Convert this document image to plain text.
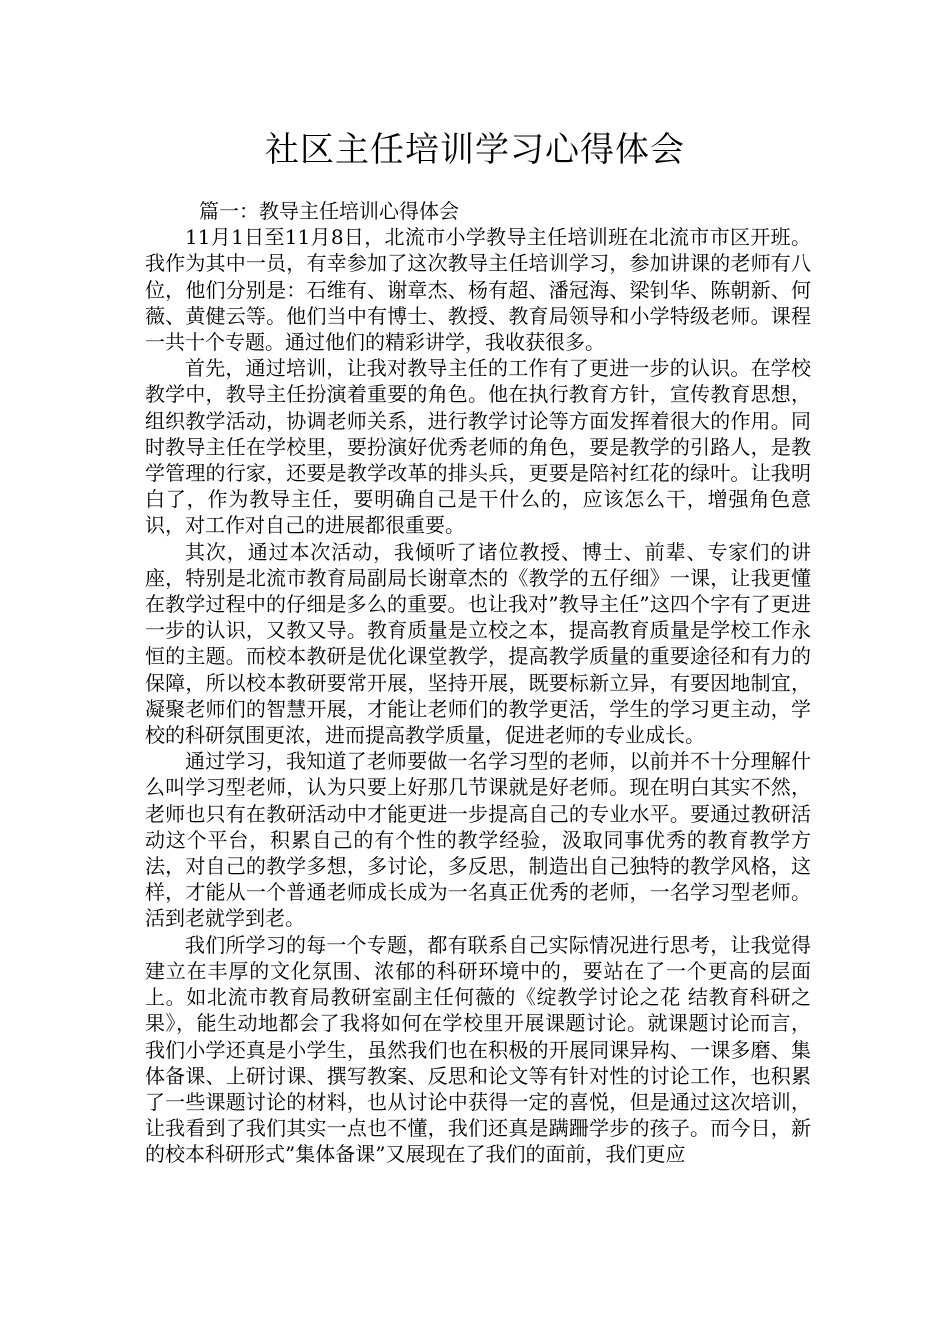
社区主任培训学习心得体会

篇一：教导主任培训心得体会

11月1日至11月8日，北流市小学教导主任培训班在北流市市区开班。我作为其中一员，有幸参加了这次教导主任培训学习，参加讲课的老师有八位，他们分别是：石维有、谢章杰、杨有超、潘冠海、梁钊华、陈朝新、何薇、黄健云等。他们当中有博士、教授、教育局领导和小学特级老师。课程一共十个专题。通过他们的精彩讲学，我收获很多。

首先，通过培训，让我对教导主任的工作有了更进一步的认识。在学校教学中，教导主任扮演着重要的角色。他在执行教育方针，宣传教育思想，组织教学活动，协调老师关系，进行教学讨论等方面发挥着很大的作用。同时教导主任在学校里，要扮演好优秀老师的角色，要是教学的引路人，是教学管理的行家，还要是教学改革的排头兵，更要是陪衬红花的绿叶。让我明白了，作为教导主任，要明确自己是干什么的，应该怎么干，增强角色意识，对工作对自己的进展都很重要。

其次，通过本次活动，我倾听了诸位教授、博士、前辈、专家们的讲座，特别是北流市教育局副局长谢章杰的《教学的五仔细》一课，让我更懂在教学过程中的仔细是多么的重要。也让我对”教导主任”这四个字有了更进一步的认识，又教又导。教育质量是立校之本，提高教育质量是学校工作永恒的主题。而校本教研是优化课堂教学，提高教学质量的重要途径和有力的保障，所以校本教研要常开展，坚持开展，既要标新立异，有要因地制宜，凝聚老师们的智慧开展，才能让老师们的教学更活，学生的学习更主动，学校的科研氛围更浓，进而提高教学质量，促进老师的专业成长。

通过学习，我知道了老师要做一名学习型的老师，以前并不十分理解什么叫学习型老师，认为只要上好那几节课就是好老师。现在明白其实不然，老师也只有在教研活动中才能更进一步提高自己的专业水平。要通过教研活动这个平台，积累自己的有个性的教学经验，汲取同事优秀的教育教学方法，对自己的教学多想，多讨论，多反思，制造出自己独特的教学风格，这样，才能从一个普通老师成长成为一名真正优秀的老师，一名学习型老师。活到老就学到老。

我们所学习的每一个专题，都有联系自己实际情况进行思考，让我觉得建立在丰厚的文化氛围、浓郁的科研环境中的，要站在了一个更高的层面上。如北流市教育局教研室副主任何薇的《绽教学讨论之花 结教育科研之果》，能生动地都会了我将如何在学校里开展课题讨论。就课题讨论而言，我们小学还真是小学生，虽然我们也在积极的开展同课异构、一课多磨、集体备课、上研讨课、撰写教案、反思和论文等有针对性的讨论工作，也积累了一些课题讨论的材料，也从讨论中获得一定的喜悦，但是通过这次培训，让我看到了我们其实一点也不懂，我们还真是蹒跚学步的孩子。而今日，新的校本科研形式”集体备课”又展现在了我们的面前，我们更应
